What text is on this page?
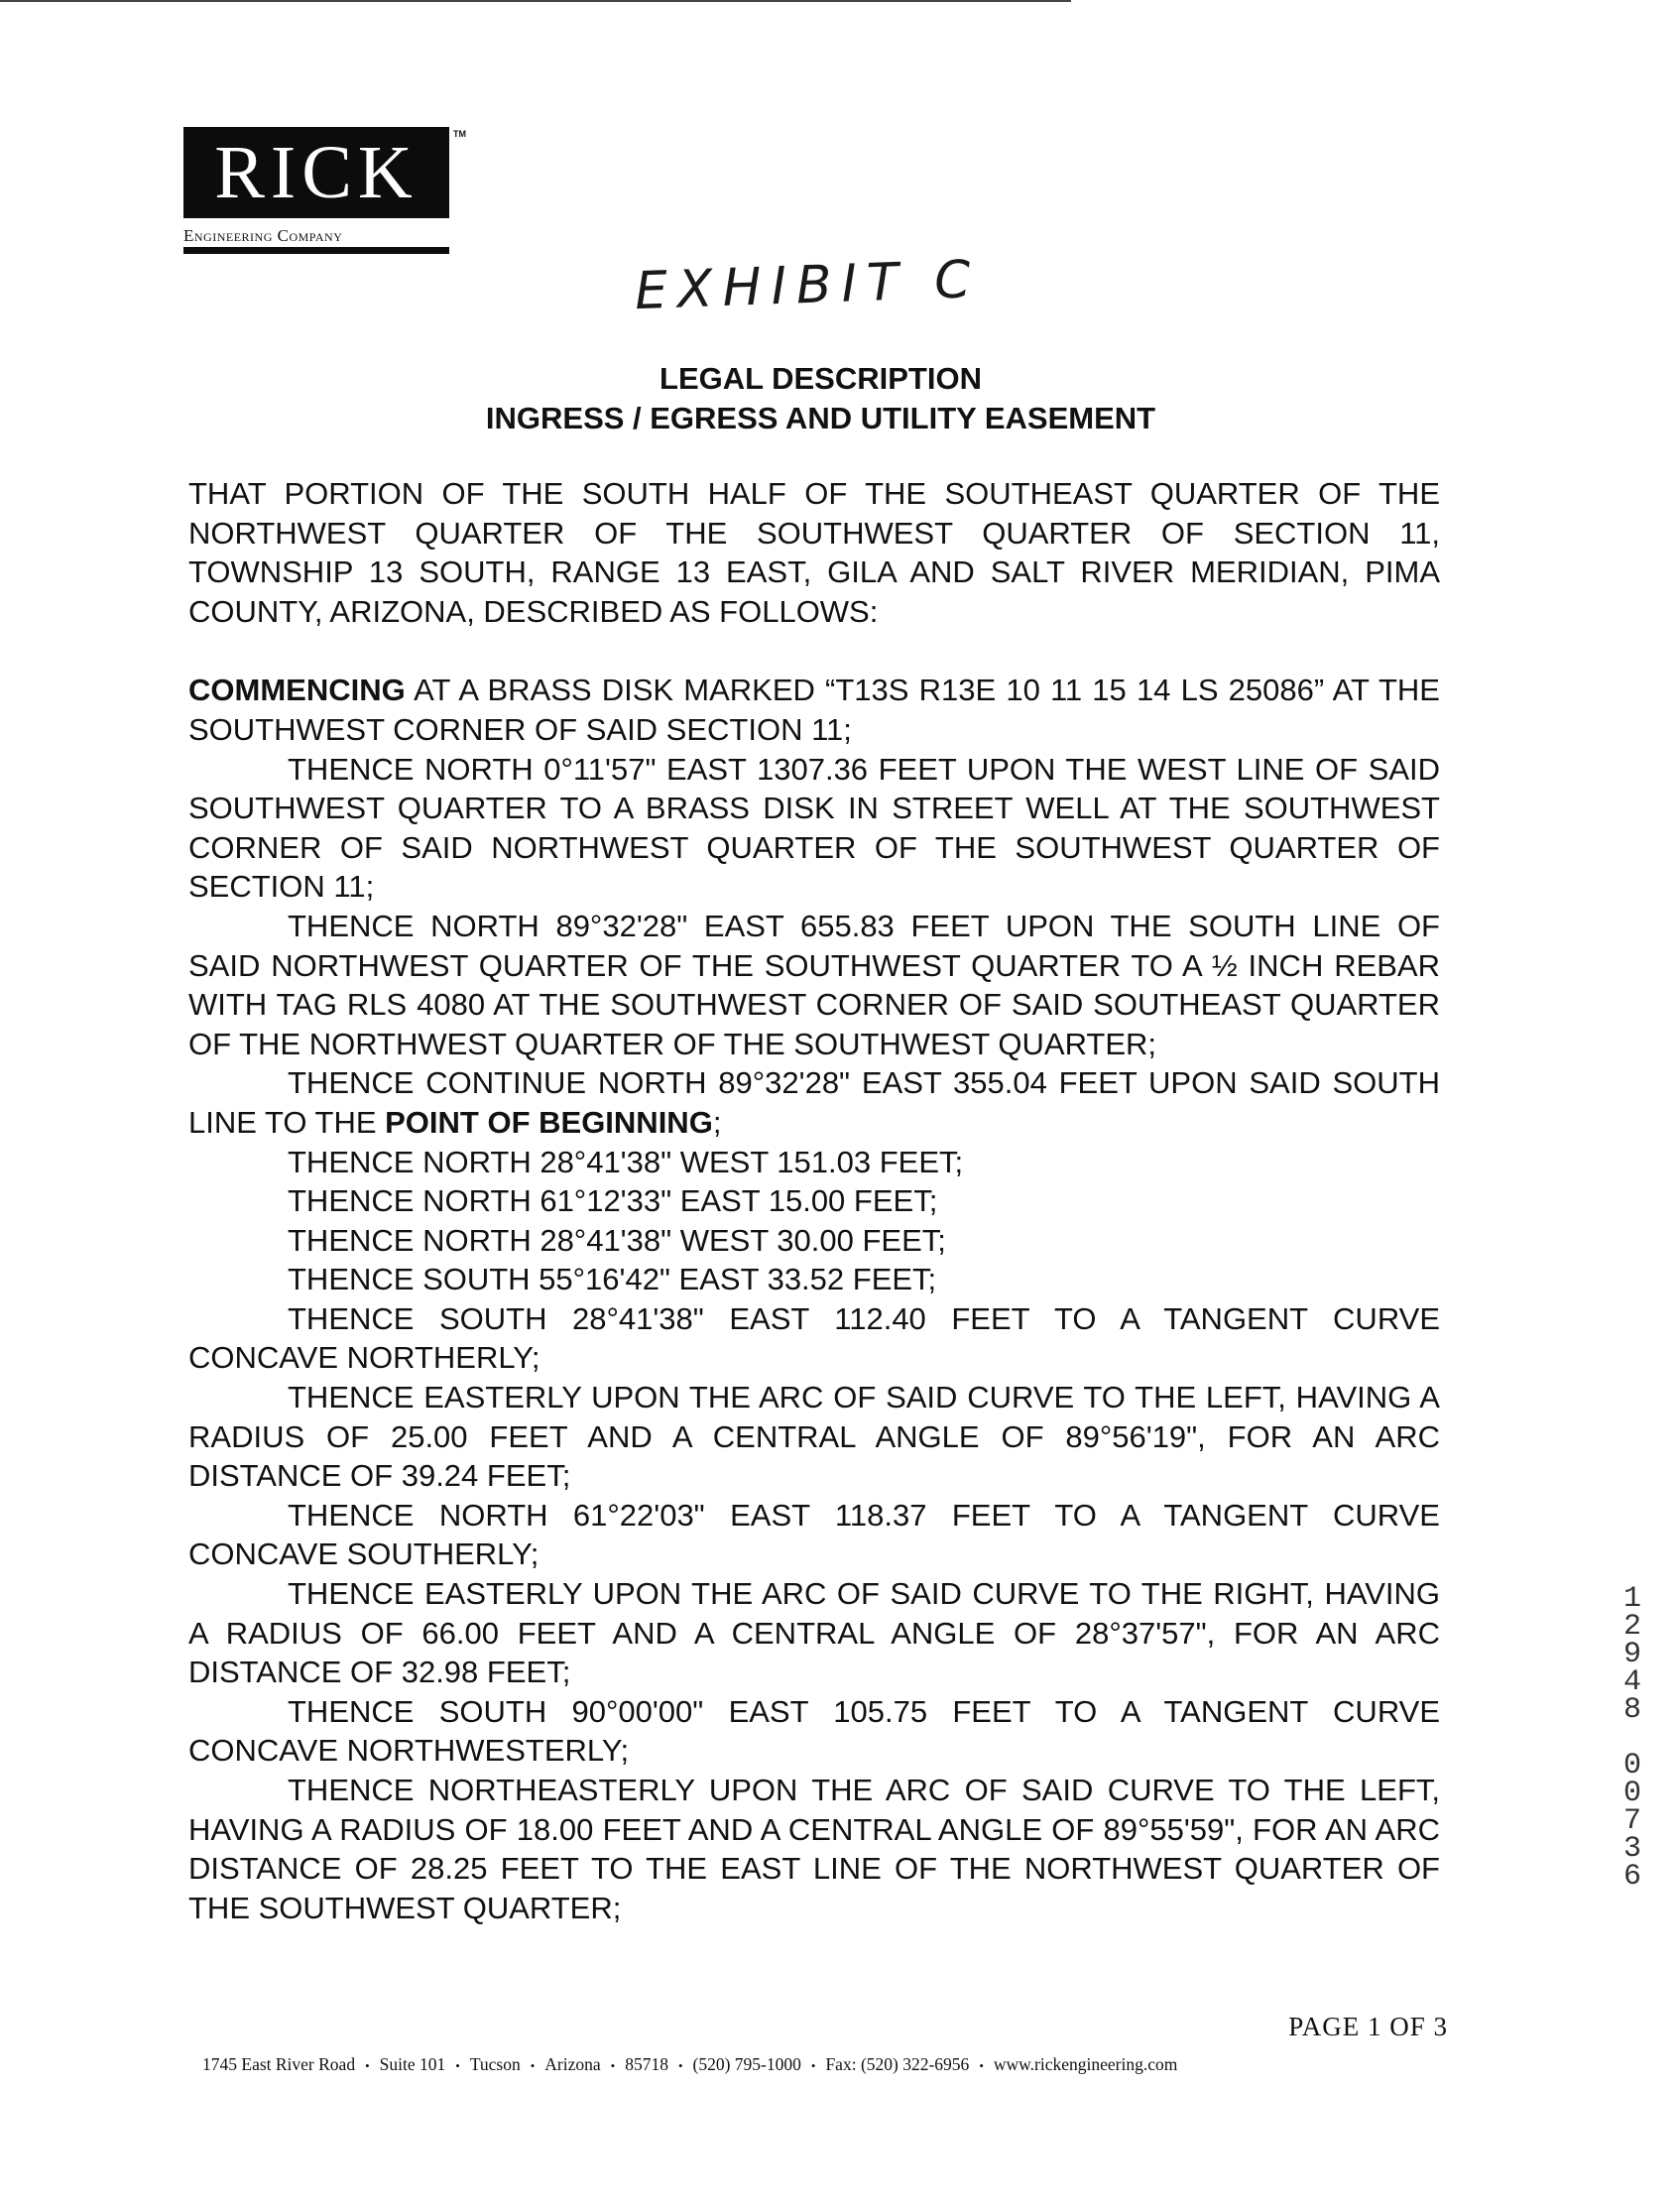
RICK	TM
Engineering Company
EXHIBIT C
LEGAL DESCRIPTION
INGRESS / EGRESS AND UTILITY EASEMENT

THAT PORTION OF THE SOUTH HALF OF THE SOUTHEAST QUARTER OF THE NORTHWEST QUARTER OF THE SOUTHWEST QUARTER OF SECTION 11, TOWNSHIP 13 SOUTH, RANGE 13 EAST, GILA AND SALT RIVER MERIDIAN, PIMA COUNTY, ARIZONA, DESCRIBED AS FOLLOWS:

COMMENCING AT A BRASS DISK MARKED “T13S R13E 10 11 15 14 LS 25086” AT THE SOUTHWEST CORNER OF SAID SECTION 11;

THENCE NORTH 0°11'57" EAST 1307.36 FEET UPON THE WEST LINE OF SAID SOUTHWEST QUARTER TO A BRASS DISK IN STREET WELL AT THE SOUTHWEST CORNER OF SAID NORTHWEST QUARTER OF THE SOUTHWEST QUARTER OF SECTION 11;

THENCE NORTH 89°32'28" EAST 655.83 FEET UPON THE SOUTH LINE OF SAID NORTHWEST QUARTER OF THE SOUTHWEST QUARTER TO A ½ INCH REBAR WITH TAG RLS 4080 AT THE SOUTHWEST CORNER OF SAID SOUTHEAST QUARTER OF THE NORTHWEST QUARTER OF THE SOUTHWEST QUARTER;

THENCE CONTINUE NORTH 89°32'28" EAST 355.04 FEET UPON SAID SOUTH LINE TO THE POINT OF BEGINNING;

THENCE NORTH 28°41'38" WEST 151.03 FEET;

THENCE NORTH 61°12'33" EAST 15.00 FEET;

THENCE NORTH 28°41'38" WEST 30.00 FEET;

THENCE SOUTH 55°16'42" EAST 33.52 FEET;

THENCE SOUTH 28°41'38" EAST 112.40 FEET TO A TANGENT CURVE CONCAVE NORTHERLY;

THENCE EASTERLY UPON THE ARC OF SAID CURVE TO THE LEFT, HAVING A RADIUS OF 25.00 FEET AND A CENTRAL ANGLE OF 89°56'19", FOR AN ARC DISTANCE OF 39.24 FEET;

THENCE NORTH 61°22'03" EAST 118.37 FEET TO A TANGENT CURVE CONCAVE SOUTHERLY;

THENCE EASTERLY UPON THE ARC OF SAID CURVE TO THE RIGHT, HAVING A RADIUS OF 66.00 FEET AND A CENTRAL ANGLE OF 28°37'57", FOR AN ARC DISTANCE OF 32.98 FEET;

THENCE SOUTH 90°00'00" EAST 105.75 FEET TO A TANGENT CURVE CONCAVE NORTHWESTERLY;

THENCE NORTHEASTERLY UPON THE ARC OF SAID CURVE TO THE LEFT, HAVING A RADIUS OF 18.00 FEET AND A CENTRAL ANGLE OF 89°55'59", FOR AN ARC DISTANCE OF 28.25 FEET TO THE EAST LINE OF THE NORTHWEST QUARTER OF THE SOUTHWEST QUARTER;

PAGE 1 OF 3
1745 East River Road • Suite 101 • Tucson • Arizona • 85718 • (520) 795-1000 • Fax: (520) 322-6956 • www.rickengineering.com
1
2
9
4
8
0
0
7
3
6
